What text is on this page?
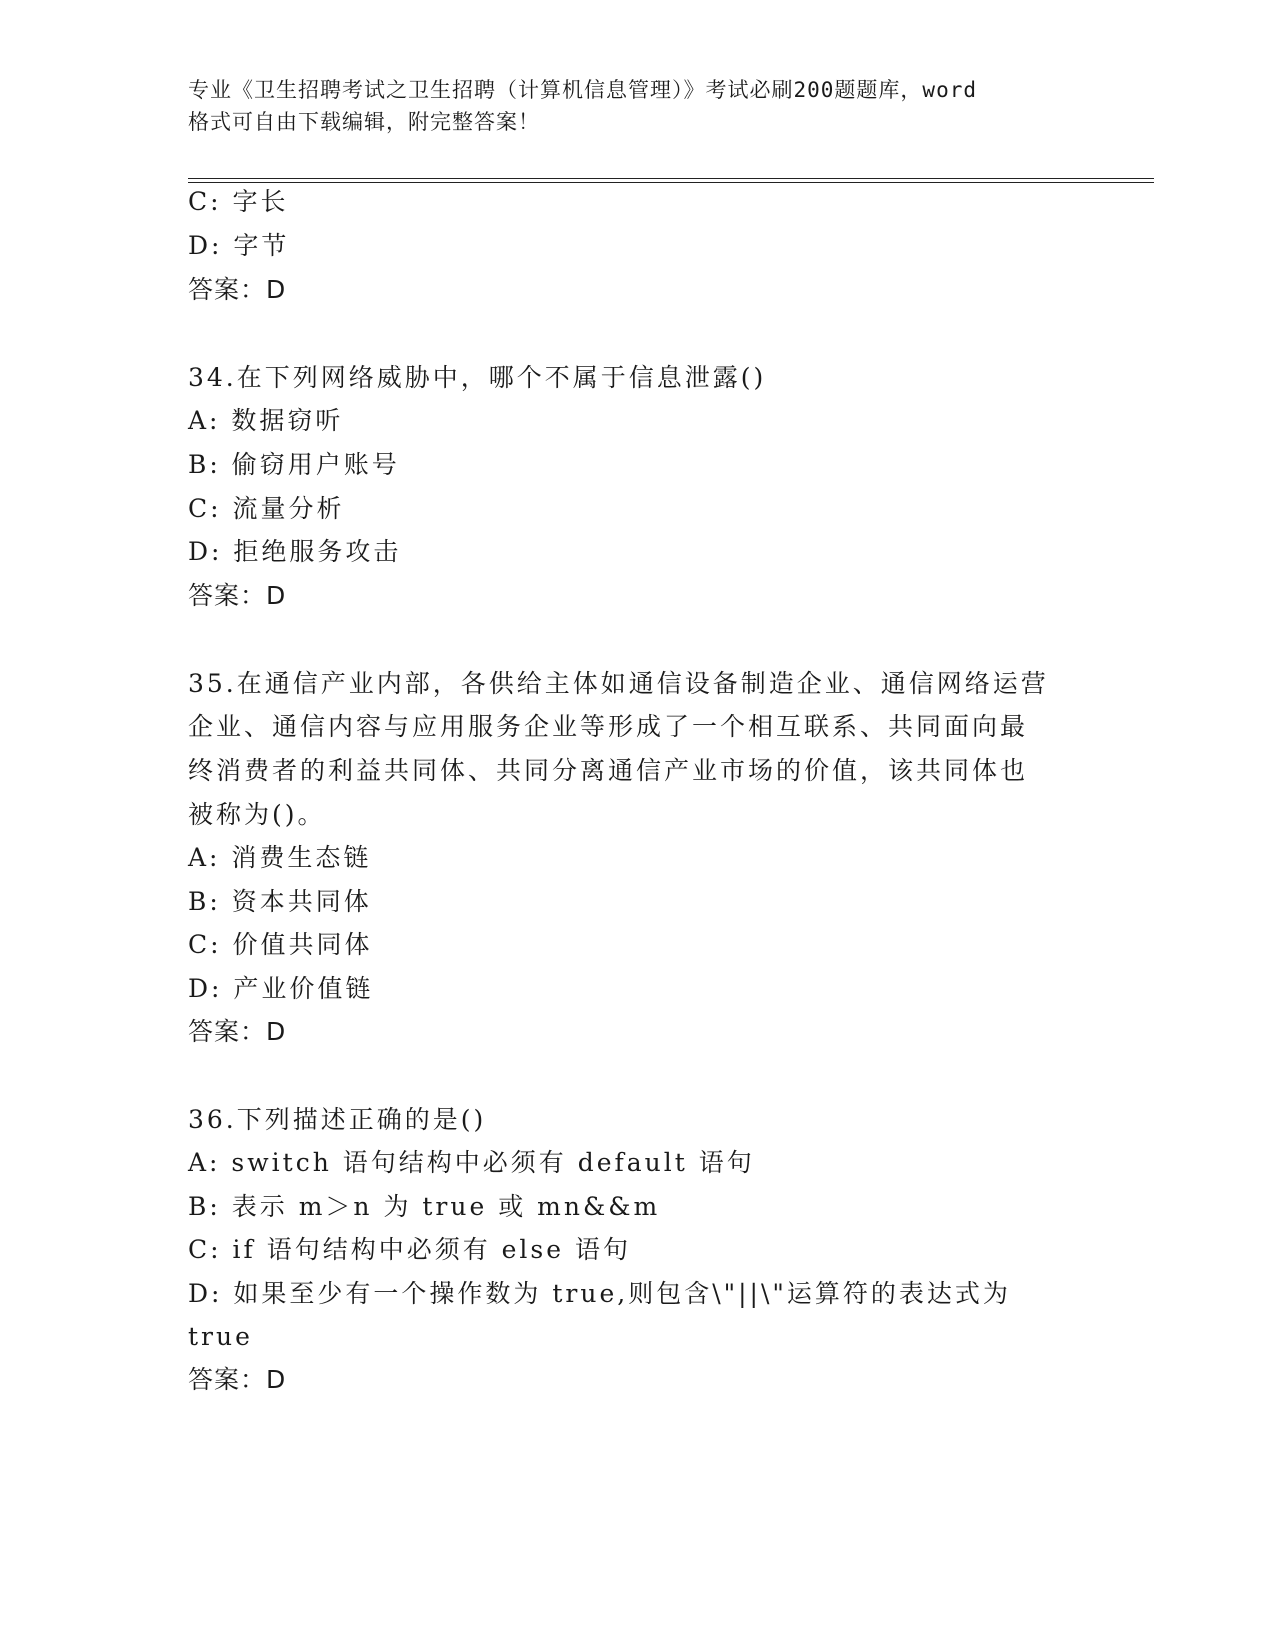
专业《卫生招聘考试之卫生招聘（计算机信息管理）》考试必刷200题题库，word
格式可自由下载编辑，附完整答案！
C: 字长
D: 字节
答案：D
34.在下列网络威胁中，哪个不属于信息泄露()
A: 数据窃听
B: 偷窃用户账号
C: 流量分析
D: 拒绝服务攻击
答案：D
35.在通信产业内部，各供给主体如通信设备制造企业、通信网络运营
企业、通信内容与应用服务企业等形成了一个相互联系、共同面向最
终消费者的利益共同体、共同分离通信产业市场的价值，该共同体也
被称为()。
A: 消费生态链
B: 资本共同体
C: 价值共同体
D: 产业价值链
答案：D
36.下列描述正确的是()
A: switch 语句结构中必须有 default 语句
B: 表示 m＞n 为 true 或 mn&&m
C: if 语句结构中必须有 else 语句
D: 如果至少有一个操作数为 true,则包含\"||\"运算符的表达式为
true
答案：D
